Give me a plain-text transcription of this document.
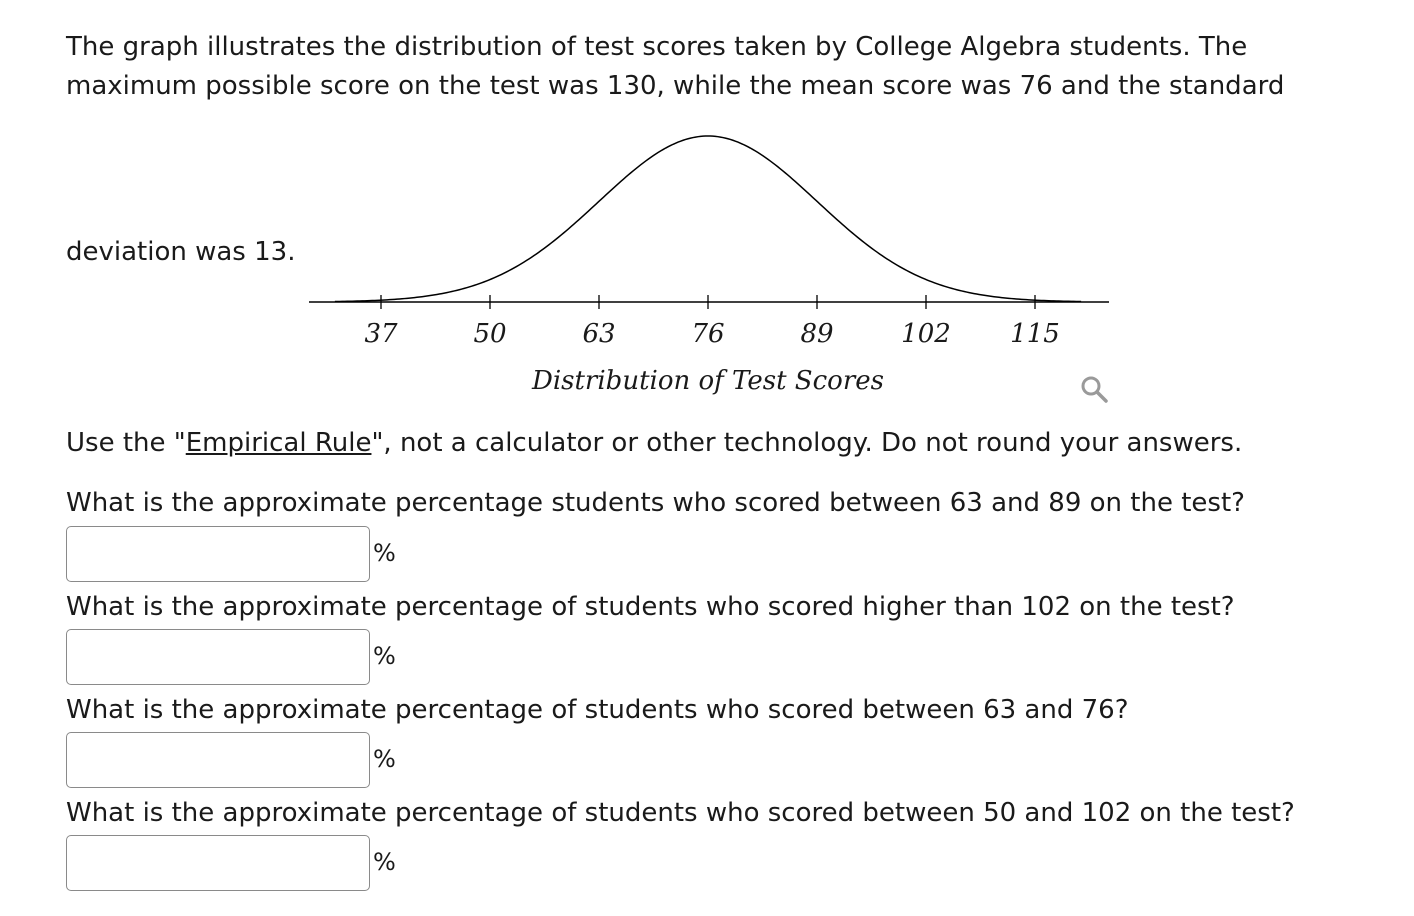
The graph illustrates the distribution of test scores taken by College Algebra students. The maximum possible score on the test was 130, while the mean score was 76 and the standard
deviation was 13.
37	50	63	76	89	102 115
Distribution of Test Scores
Use the "Empirical Rule", not a calculator or other technology. Do not round your answers.
What is the approximate percentage students who scored between 63 and 89 on the test?
%
What is the approximate percentage of students who scored higher than 102 on the test?
%
What is the approximate percentage of students who scored between 63 and 76?
%
What is the approximate percentage of students who scored between 50 and 102 on the test?
%
